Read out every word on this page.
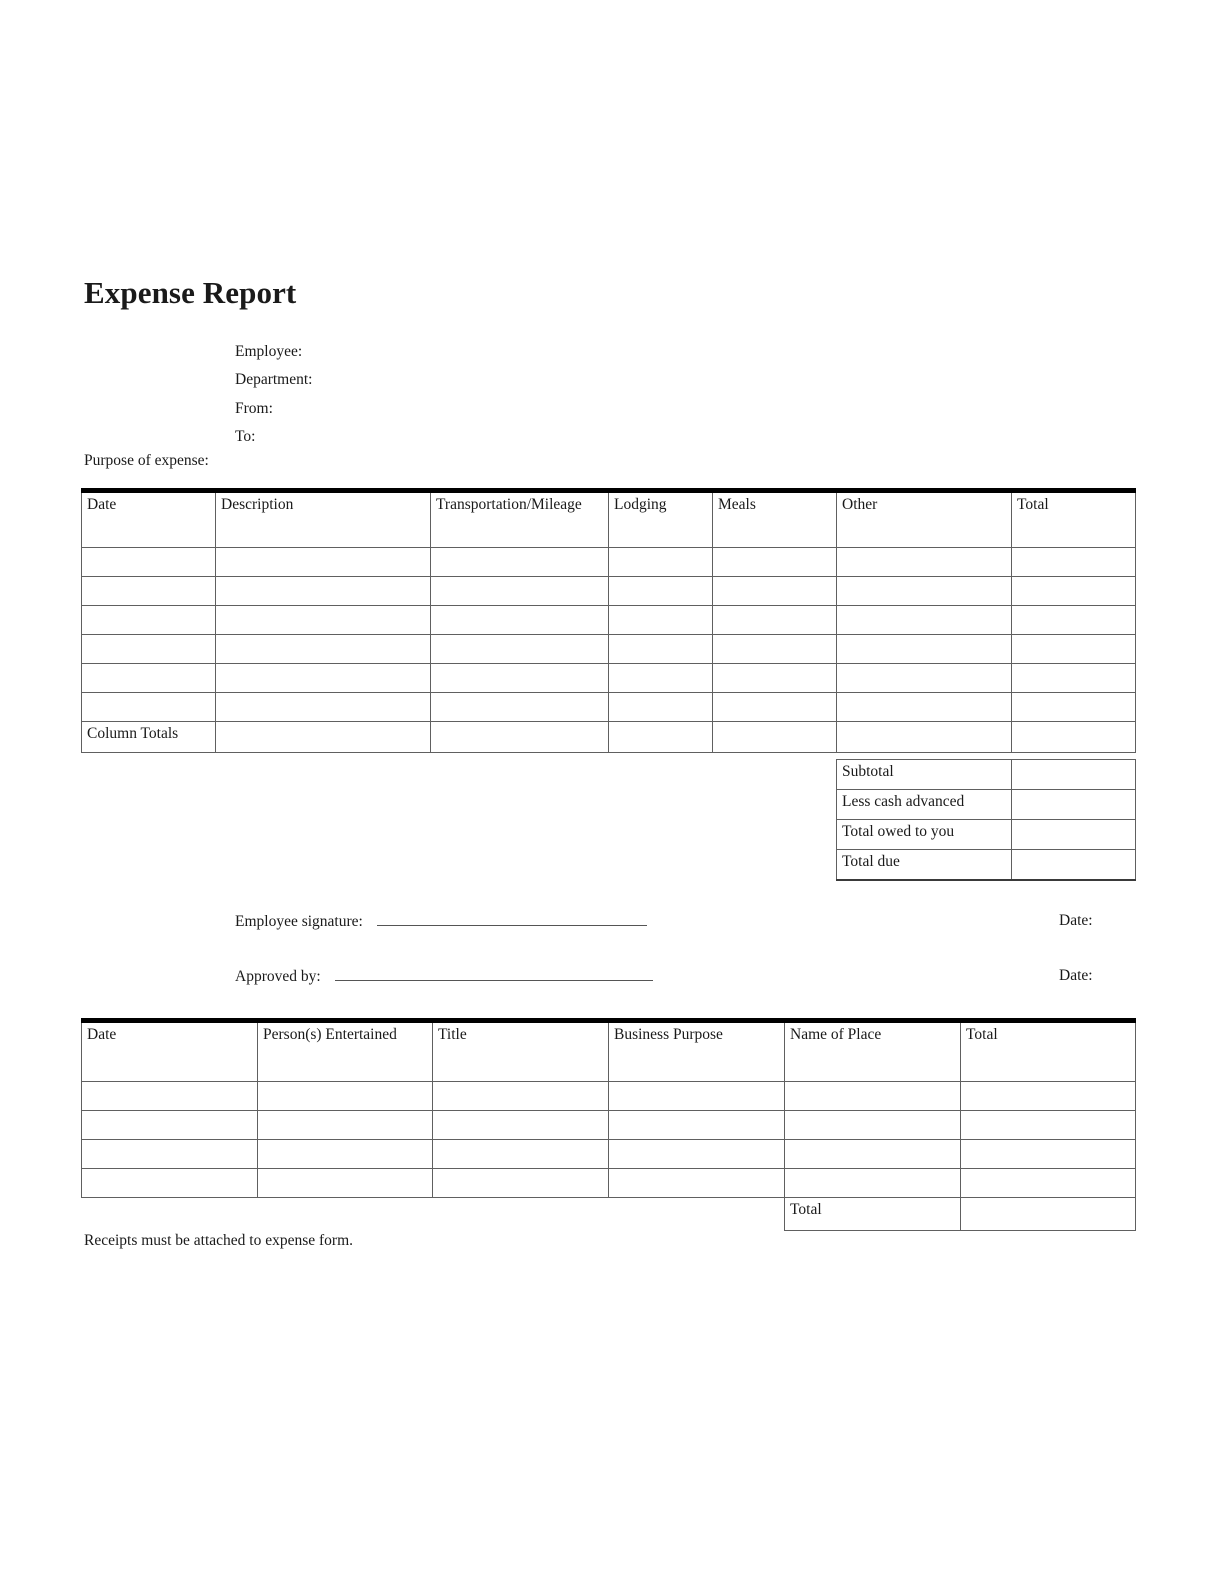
Expense Report
Employee:
Department:
From:
To:
Purpose of expense:
Date	Description	Transportation/Mileage	Lodging	Meals	Other	Total

Column Totals						
Subtotal	
Less cash advanced	
Total owed to you	
Total due	
Employee signature:	Date:
Approved by:	Date:
Date	Person(s) Entertained	Title	Business Purpose	Name of Place	Total

				Total	
Receipts must be attached to expense form.
